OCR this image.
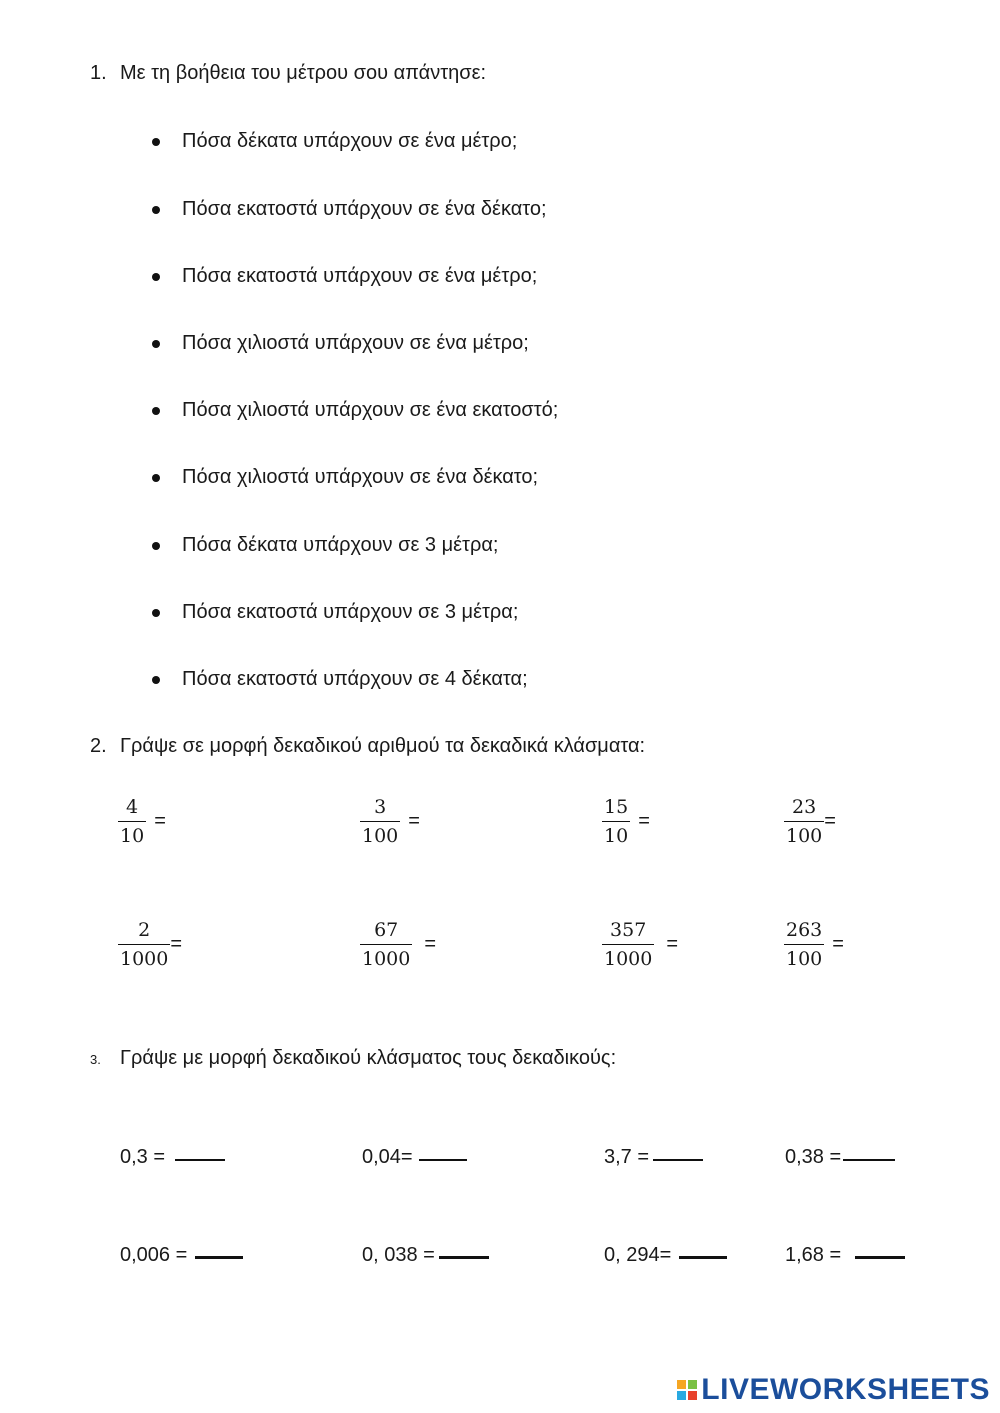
1. Με τη βοήθεια του μέτρου σου απάντησε:
Πόσα δέκατα υπάρχουν σε ένα μέτρο;
Πόσα εκατοστά υπάρχουν σε ένα δέκατο;
Πόσα εκατοστά υπάρχουν σε ένα μέτρο;
Πόσα χιλιοστά υπάρχουν σε ένα μέτρο;
Πόσα χιλιοστά υπάρχουν σε ένα εκατοστό;
Πόσα χιλιοστά υπάρχουν σε ένα δέκατο;
Πόσα δέκατα υπάρχουν σε 3 μέτρα;
Πόσα εκατοστά υπάρχουν σε 3 μέτρα;
Πόσα εκατοστά υπάρχουν σε 4 δέκατα;
2. Γράψε σε μορφή δεκαδικού αριθμού τα δεκαδικά κλάσματα:
$\frac{4}{10}$ =	$\frac{3}{100}$ =	$\frac{15}{10}$ =	$\frac{23}{100}$ =
$\frac{2}{1000}$ =	$\frac{67}{1000}$ =	$\frac{357}{1000}$ =	$\frac{263}{100}$ =
3. Γράψε με μορφή δεκαδικού κλάσματος τους δεκαδικούς:
0,3 =	0,04=	3,7 =	0,38 =
0,006 =	0, 038 =	0, 294=	1,68 =
LIVEWORKSHEETS
